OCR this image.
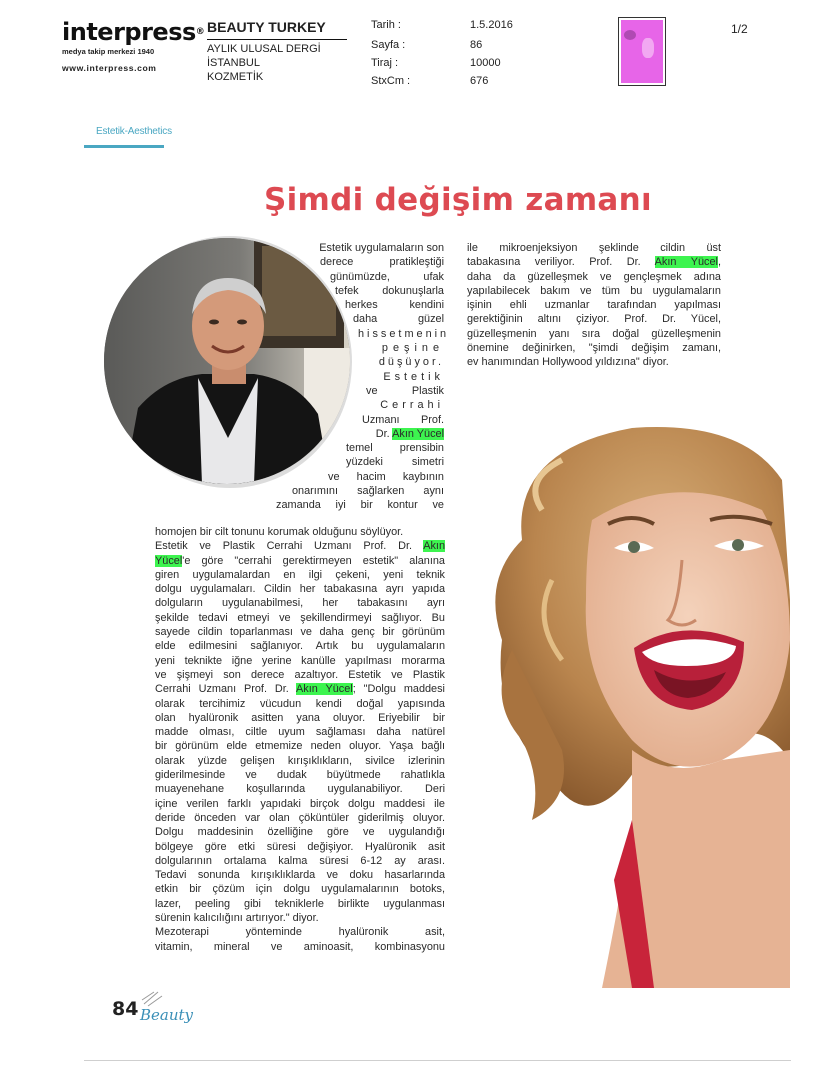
interpress®
medya takip merkezi 1940
www.interpress.com
BEAUTY TURKEY
AYLIK ULUSAL DERGİ
İSTANBUL
KOZMETİK
Tarih :
Sayfa :
Tiraj :
StxCm :
1.5.2016
86
10000
676
1/2
Estetik-Aesthetics
Şimdi değişim zamanı
Estetik uygulamaların son
derece pratikleştiği
günümüzde, ufak
tefek dokunuşlarla
herkes kendini
daha güzel
hissetmenin
peşine
düşüyor.
Estetik
ve Plastik
Cerrahi
Uzmanı Prof.
Dr. Akın Yücel
temel prensibin
yüzdeki simetri
ve hacim kaybının
onarımını sağlarken aynı
zamanda iyi bir kontur ve
homojen bir cilt tonunu korumak olduğunu söylüyor.
Estetik ve Plastik Cerrahi Uzmanı Prof. Dr. Akın
Yücel'e göre "cerrahi gerektirmeyen estetik" alanına
giren uygulamalardan en ilgi çekeni, yeni teknik
dolgu uygulamaları. Cildin her tabakasına ayrı yapıda
dolguların uygulanabilmesi, her tabakasını ayrı
şekilde tedavi etmeyi ve şekillendirmeyi sağlıyor. Bu
sayede cildin toparlanması ve daha genç bir görünüm
elde edilmesini sağlanıyor. Artık bu uygulamaların
yeni teknikte iğne yerine kanülle yapılması morarma
ve şişmeyi son derece azaltıyor. Estetik ve Plastik
Cerrahi Uzmanı Prof. Dr. Akın Yücel; "Dolgu maddesi
olarak tercihimiz vücudun kendi doğal yapısında
olan hyalüronik asitten yana oluyor. Eriyebilir bir
madde olması, ciltle uyum sağlaması daha natürel
bir görünüm elde etmemize neden oluyor. Yaşa bağlı
olarak yüzde gelişen kırışıklıkların, sivilce izlerinin
giderilmesinde ve dudak büyütmede rahatlıkla
muayenehane koşullarında uygulanabiliyor. Deri
içine verilen farklı yapıdaki birçok dolgu maddesi ile
deride önceden var olan çöküntüler giderilmiş oluyor.
Dolgu maddesinin özelliğine göre ve uygulandığı
bölgeye göre etki süresi değişiyor. Hyalüronik asit
dolgularının ortalama kalma süresi 6-12 ay arası.
Tedavi sonunda kırışıklıklarda ve doku hasarlarında
etkin bir çözüm için dolgu uygulamalarının botoks,
lazer, peeling gibi tekniklerle birlikte uygulanması
sürenin kalıcılığını artırıyor." diyor.
Mezoterapi yönteminde hyalüronik asit,
vitamin, mineral ve aminoasit, kombinasyonu
ile mikroenjeksiyon şeklinde cildin üst
tabakasına veriliyor. Prof. Dr. Akın Yücel,
daha da güzelleşmek ve gençleşmek adına
yapılabilecek bakım ve tüm bu uygulamaların
işinin ehli uzmanlar tarafından yapılması
gerektiğinin altını çiziyor. Prof. Dr. Yücel,
güzelleşmenin yanı sıra doğal güzelleşmenin
önemine değinirken, "şimdi değişim zamanı,
ev hanımından Hollywood yıldızına" diyor.
84 Beauty
